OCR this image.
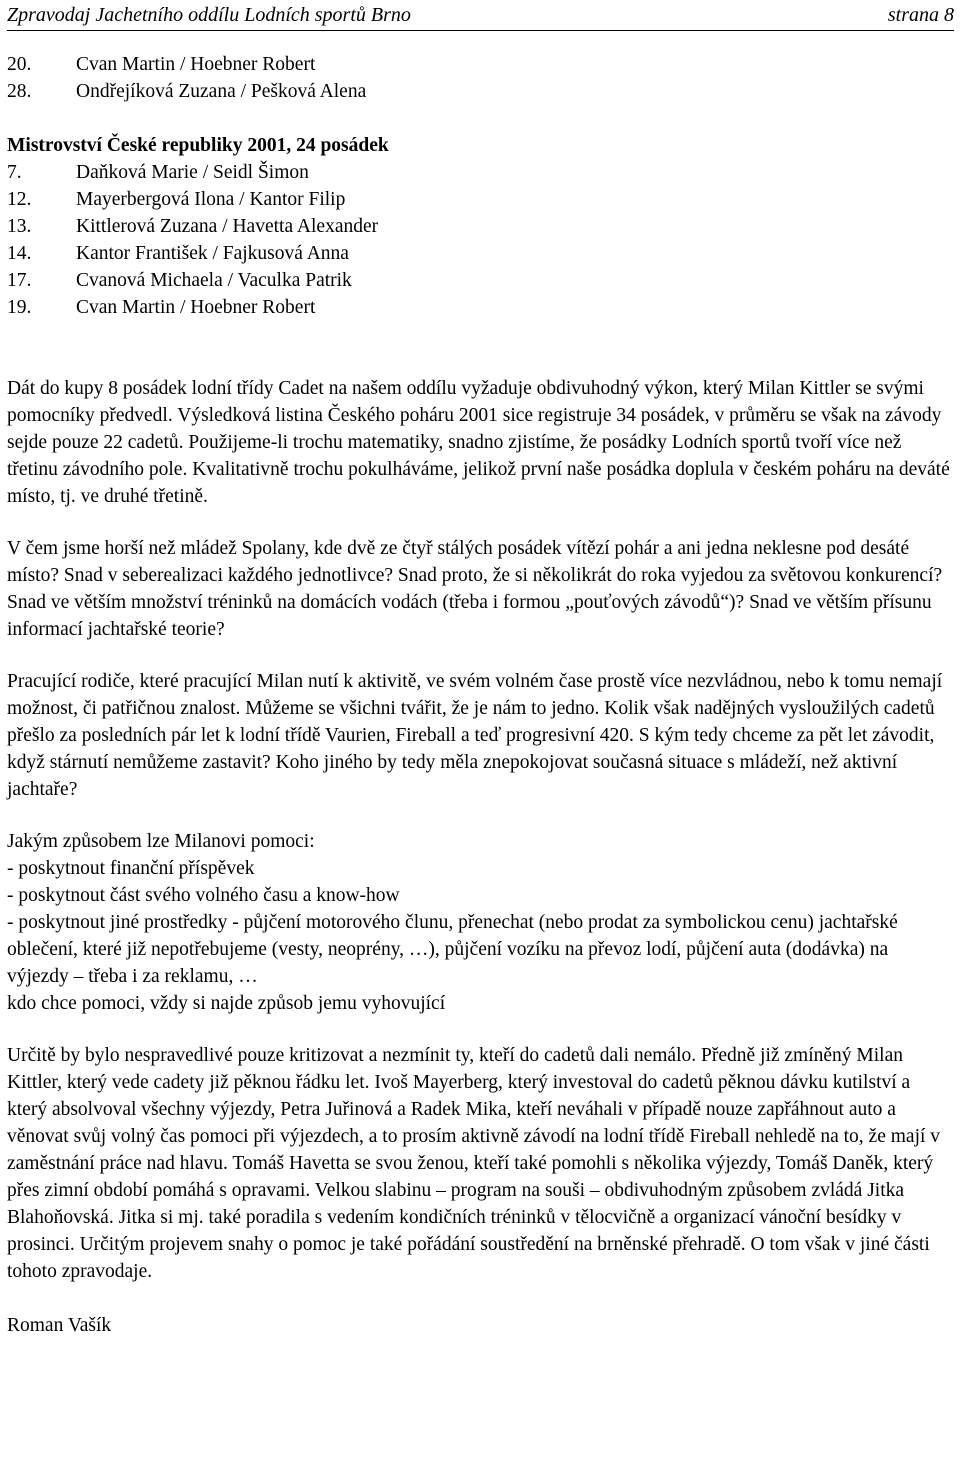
Zpravodaj Jachetního oddílu Lodních sportů Brno	strana 8
20.	Cvan Martin / Hoebner Robert
28.	Ondřejíková Zuzana / Pešková Alena
Mistrovství České republiky 2001, 24 posádek
7.	Daňková Marie / Seidl Šimon
12.	Mayerbergová Ilona / Kantor Filip
13.	Kittlerová Zuzana / Havetta Alexander
14.	Kantor František / Fajkusová Anna
17.	Cvanová Michaela / Vaculka Patrik
19.	Cvan Martin / Hoebner Robert

Dát do kupy 8 posádek lodní třídy Cadet na našem oddílu vyžaduje obdivuhodný výkon, který Milan Kittler se svými pomocníky předvedl. Výsledková listina Českého poháru 2001 sice registruje 34 posádek, v průměru se však na závody sejde pouze 22 cadetů. Použijeme-li trochu matematiky, snadno zjistíme, že posádky Lodních sportů tvoří více než třetinu závodního pole. Kvalitativně trochu pokulháváme, jelikož první naše posádka doplula v českém poháru na deváté místo, tj. ve druhé třetině.

V čem jsme horší než mládež Spolany, kde dvě ze čtyř stálých posádek vítězí pohár a ani jedna neklesne pod desáté místo? Snad v seberealizaci každého jednotlivce? Snad proto, že si několikrát do roka vyjedou za světovou konkurencí? Snad ve větším množství tréninků na domácích vodách (třeba i formou „pouťových závodů“)? Snad ve větším přísunu informací jachtařské teorie?

Pracující rodiče, které pracující Milan nutí k aktivitě, ve svém volném čase prostě více nezvládnou, nebo k tomu nemají možnost, či patřičnou znalost. Můžeme se všichni tvářit, že je nám to jedno. Kolik však nadějných vysloužilých cadetů přešlo za posledních pár let k lodní třídě Vaurien, Fireball a teď progresivní 420. S kým tedy chceme za pět let závodit, když stárnutí nemůžeme zastavit? Koho jiného by tedy měla znepokojovat současná situace s mládeží, než aktivní jachtaře?

Jakým způsobem lze Milanovi pomoci:
- poskytnout finanční příspěvek
- poskytnout část svého volného času a know-how

- poskytnout jiné prostředky - půjčení motorového člunu, přenechat (nebo prodat za symbolickou cenu) jachtařské oblečení, které již nepotřebujeme (vesty, neoprény, …), půjčení vozíku na převoz lodí, půjčení auta (dodávka) na výjezdy – třeba i za reklamu, …

kdo chce pomoci, vždy si najde způsob jemu vyhovující

Určitě by bylo nespravedlivé pouze kritizovat a nezmínit ty, kteří do cadetů dali nemálo. Předně již zmíněný Milan Kittler, který vede cadety již pěknou řádku let. Ivoš Mayerberg, který investoval do cadetů pěknou dávku kutilství a který absolvoval všechny výjezdy, Petra Juřinová a Radek Mika, kteří neváhali v případě nouze zapřáhnout auto a věnovat svůj volný čas pomoci při výjezdech, a to prosím aktivně závodí na lodní třídě Fireball nehledě na to, že mají v zaměstnání práce nad hlavu. Tomáš Havetta se svou ženou, kteří také pomohli s několika výjezdy, Tomáš Daněk, který přes zimní období pomáhá s opravami. Velkou slabinu – program na souši – obdivuhodným způsobem zvládá Jitka Blahoňovská. Jitka si mj. také poradila s vedením kondičních tréninků v tělocvičně a organizací vánoční besídky v prosinci. Určitým projevem snahy o pomoc je také pořádání soustředění na brněnské přehradě. O tom však v jiné části tohoto zpravodaje.

Roman Vašík
